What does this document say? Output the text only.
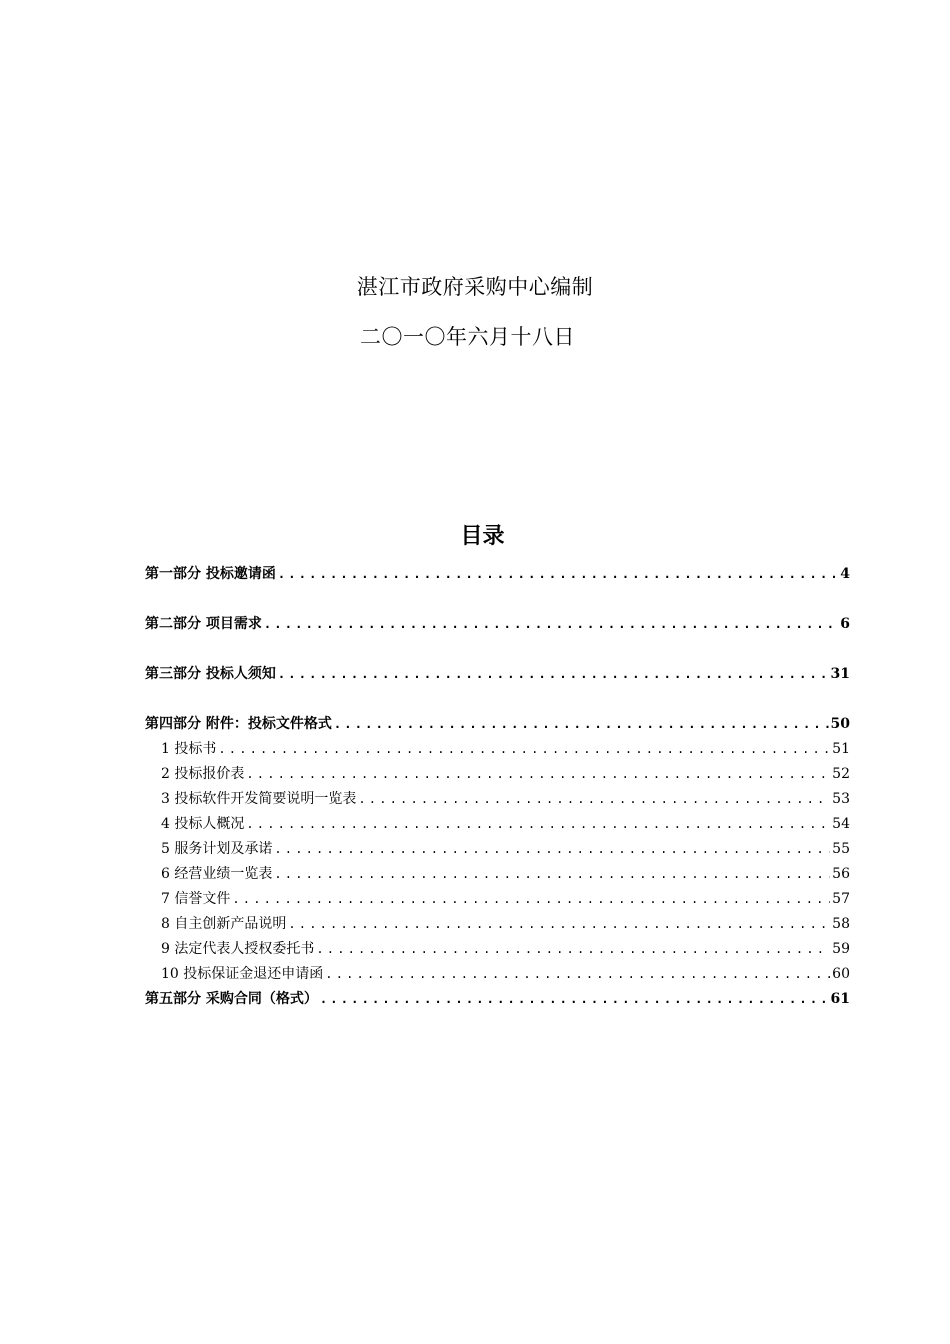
湛江市政府采购中心编制
二〇一〇年六月十八日
目录
第一部分 投标邀请函 .....	4
第二部分 项目需求 .....	6
第三部分 投标人须知 .....	31
第四部分 附件：投标文件格式 .....	50
1 投标书 .....	51
2 投标报价表 .....	52
3 投标软件开发简要说明一览表 .....	53
4 投标人概况 .....	54
5 服务计划及承诺 .....	55
6 经营业绩一览表 .....	56
7 信誉文件 .....	57
8 自主创新产品说明 .....	58
9 法定代表人授权委托书 .....	59
10 投标保证金退还申请函 .....	60
第五部分 采购合同（格式） .....	61
